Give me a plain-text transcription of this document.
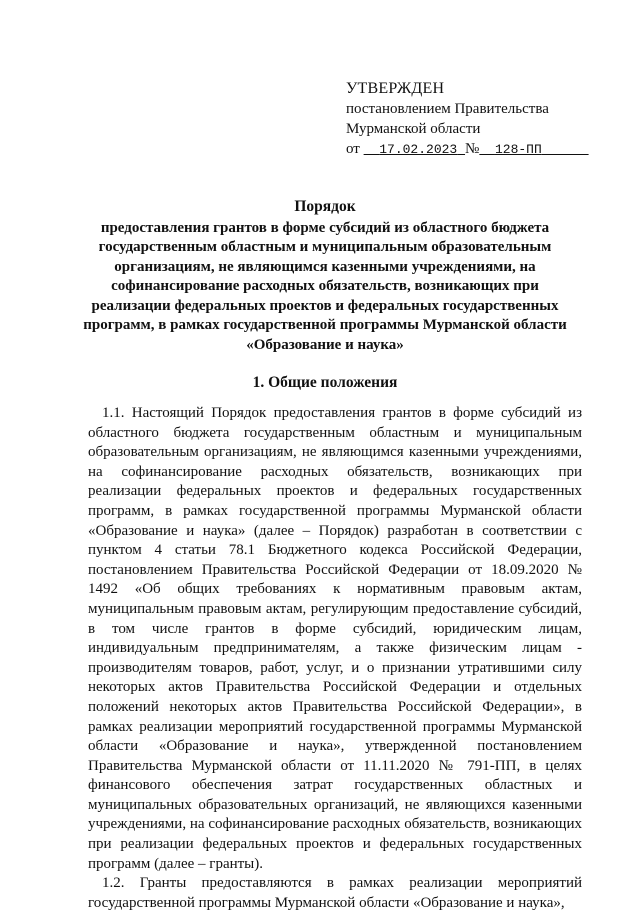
УТВЕРЖДЕН
постановлением Правительства
Мурманской области
от 17.02.2023 № 128-ПП
Порядок
предоставления грантов в форме субсидий из областного бюджета
государственным областным и муниципальным образовательным
организациям, не являющимся казенными учреждениями, на
софинансирование расходных обязательств, возникающих при
реализации федеральных проектов и федеральных государственных
программ, в рамках государственной программы Мурманской области
«Образование и наука»
1. Общие положения

1.1. Настоящий Порядок предоставления грантов в форме субсидий из областного бюджета государственным областным и муниципальным образовательным организациям, не являющимся казенными учреждениями, на софинансирование расходных обязательств, возникающих при реализации федеральных проектов и федеральных государственных программ, в рамках государственной программы Мурманской области «Образование и наука» (далее – Порядок) разработан в соответствии с пунктом 4 статьи 78.1 Бюджетного кодекса Российской Федерации, постановлением Правительства Российской Федерации от 18.09.2020 № 1492 «Об общих требованиях к нормативным правовым актам, муниципальным правовым актам, регулирующим предоставление субсидий, в том числе грантов в форме субсидий, юридическим лицам, индивидуальным предпринимателям, а также физическим лицам - производителям товаров, работ, услуг, и о признании утратившими силу некоторых актов Правительства Российской Федерации и отдельных положений некоторых актов Правительства Российской Федерации», в рамках реализации мероприятий государственной программы Мурманской области «Образование и наука», утвержденной постановлением Правительства Мурманской области от 11.11.2020 № 791-ПП, в целях финансового обеспечения затрат государственных областных и муниципальных образовательных организаций, не являющихся казенными учреждениями, на софинансирование расходных обязательств, возникающих при реализации федеральных проектов и федеральных государственных программ (далее – гранты).

1.2. Гранты предоставляются в рамках реализации мероприятий государственной программы Мурманской области «Образование и наука»,
